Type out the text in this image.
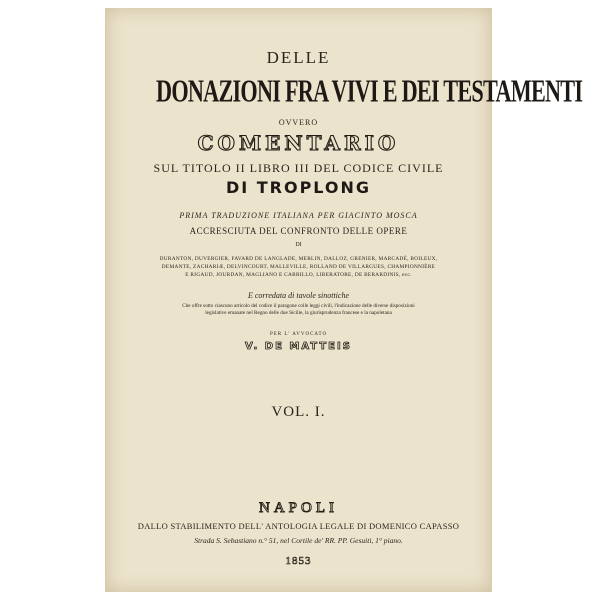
DELLE
DONAZIONI FRA VIVI E DEI TESTAMENTI
OVVERO
COMENTARIO
SUL TITOLO II LIBRO III DEL CODICE CIVILE
DI TROPLONG
PRIMA TRADUZIONE ITALIANA PER GIACINTO MOSCA
ACCRESCIUTA DEL CONFRONTO DELLE OPERE
DI
DURANTON, DUVERGIER, FAVARD DE LANGLADE, MERLIN, DALLOZ, GRENIER, MARCADÉ, BOILEUX,
DEMANTE, ZACHARIÆ, DELVINCOURT, MALLEVILLE, ROLLAND DE VILLARGUES, CHAMPIONNIÈRE
E RIGAUD, JOURDAN, MAGLIANO E CARRILLO, LIBERATORE, DE BERARDINIS, ecc.
E corredata di tavole sinottiche
Che offre sotto ciascuno articolo del codice il paragone colle leggi civili, l'indicazione delle diverse disposizioni
legislative emanate nel Regno delle due Sicilie, la giurisprudenza francese e la napoletana
PER L' AVVOCATO
V. DE MATTEIS
VOL. I.
NAPOLI
DALLO STABILIMENTO DELL' ANTOLOGIA LEGALE DI DOMENICO CAPASSO
Strada S. Sebastiano n.° 51, nel Cortile de' RR. PP. Gesuiti, 1° piano.
1853
